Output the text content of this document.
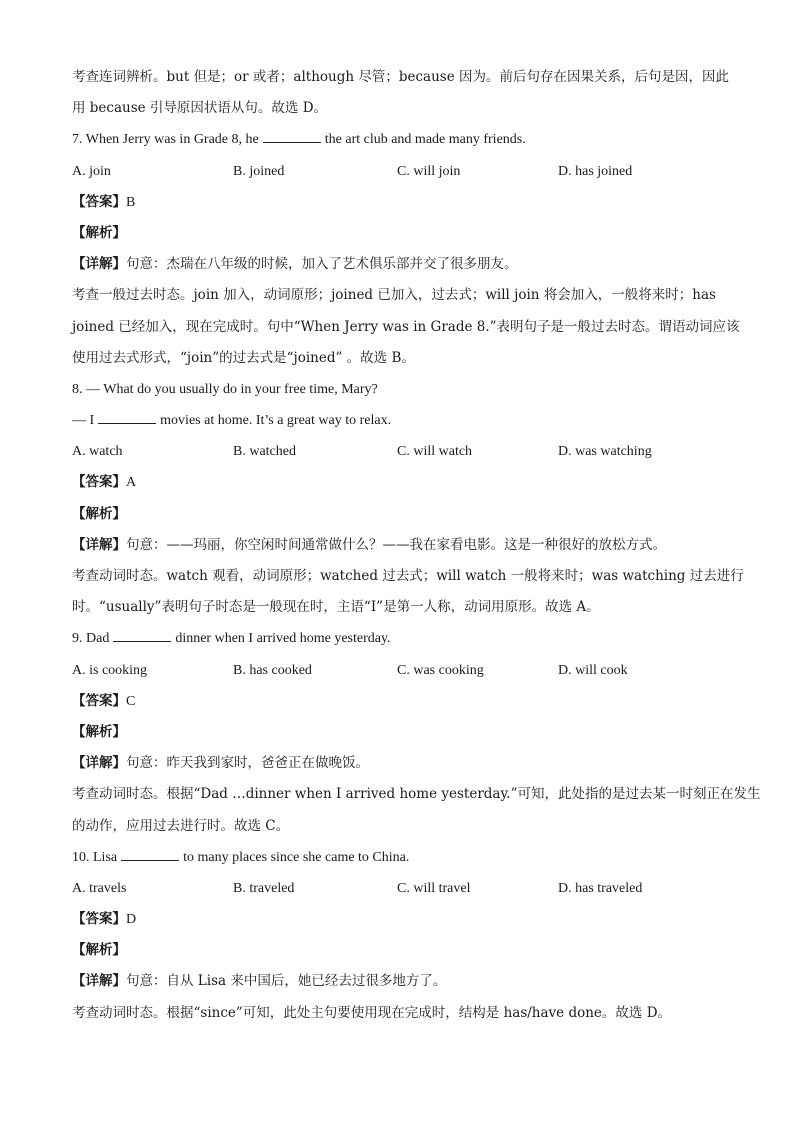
考查连词辨析。but 但是；or 或者；although 尽管；because 因为。前后句存在因果关系，后句是因，因此
用 because 引导原因状语从句。故选 D。
7. When Jerry was in Grade 8, he	the art club and made many friends.
A. join	B. joined	C. will join	D. has joined
【答案】B
【解析】
【详解】句意：杰瑞在八年级的时候，加入了艺术俱乐部并交了很多朋友。
考查一般过去时态。join 加入，动词原形；joined 已加入，过去式；will join 将会加入，一般将来时；has
joined 已经加入，现在完成时。句中“When Jerry was in Grade 8.”表明句子是一般过去时态。谓语动词应该
使用过去式形式，“join”的过去式是“joined” 。故选 B。
8. — What do you usually do in your free time, Mary?
— I	movies at home. It’s a great way to relax.
A. watch	B. watched	C. will watch	D. was watching
【答案】A
【解析】
【详解】句意：——玛丽，你空闲时间通常做什么？——我在家看电影。这是一种很好的放松方式。
考查动词时态。watch 观看，动词原形；watched 过去式；will watch 一般将来时；was watching 过去进行
时。“usually”表明句子时态是一般现在时，主语“I”是第一人称，动词用原形。故选 A。
9. Dad	dinner when I arrived home yesterday.
A. is cooking	B. has cooked	C. was cooking	D. will cook
【答案】C
【解析】
【详解】句意：昨天我到家时，爸爸正在做晚饭。
考查动词时态。根据“Dad …dinner when I arrived home yesterday.”可知，此处指的是过去某一时刻正在发生
的动作，应用过去进行时。故选 C。
10. Lisa	to many places since she came to China.
A. travels	B. traveled	C. will travel	D. has traveled
【答案】D
【解析】
【详解】句意：自从 Lisa 来中国后，她已经去过很多地方了。
考查动词时态。根据“since”可知，此处主句要使用现在完成时，结构是 has/have done。故选 D。
